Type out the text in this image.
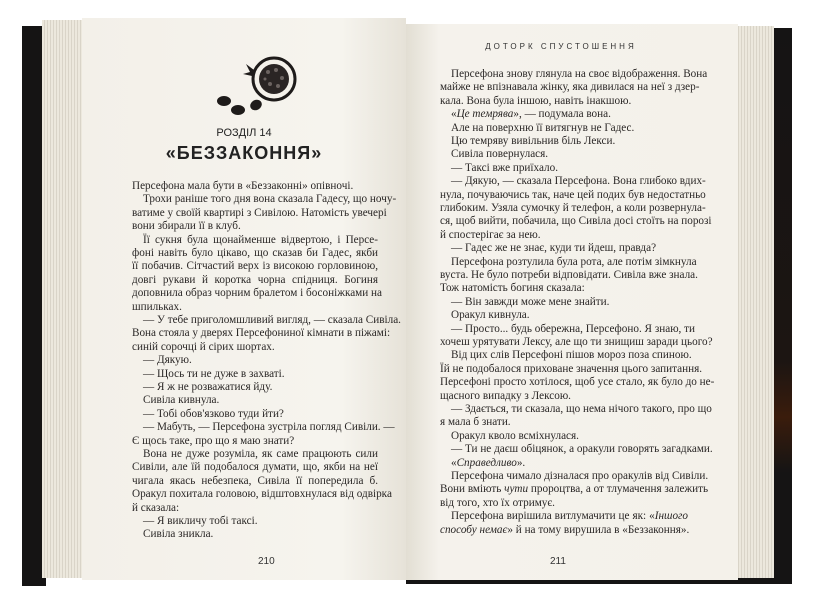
РОЗДІЛ 14
«БЕЗЗАКОННЯ»
Персефона мала бути в «Беззаконні» опівночі.
Трохи раніше того дня вона сказала Гадесу, що ночу-
ватиме у своїй квартирі з Сивілою. Натомість увечері
вони збирали її в клуб.
Її сукня була щонайменше відвертою, і Персе-
фоні навіть було цікаво, що сказав би Гадес, якби
її побачив. Сітчастий верх із високою горловиною,
довгі рукави й коротка чорна спідниця. Богиня
доповнила образ чорним бралетом і босоніжками на
шпильках.
— У тебе приголомшливий вигляд, — сказала Сивіла.
Вона стояла у дверях Персефониної кімнати в піжамі:
синій сорочці й сірих шортах.
— Дякую.
— Щось ти не дуже в захваті.
— Я ж не розважатися йду.
Сивіла кивнула.
— Тобі обов'язково туди йти?
— Мабуть, — Персефона зустріла погляд Сивіли. —
Є щось таке, про що я маю знати?
Вона не дуже розуміла, як саме працюють сили
Сивіли, але їй подобалося думати, що, якби на неї
чигала якась небезпека, Сивіла її попередила б.
Оракул похитала головою, відштовхнулася від одвірка
й сказала:
— Я викличу тобі таксі.
Сивіла зникла.
Персефона знову глянула на своє відображення. Вона
майже не впізнавала жінку, яка дивилася на неї з дзер-
кала. Вона була іншою, навіть інакшою.
«Це темрява», — подумала вона.
Але на поверхню її витягнув не Гадес.
Цю темряву вивільнив біль Лекси.
Сивіла повернулася.
— Таксі вже приїхало.
— Дякую, — сказала Персефона. Вона глибоко вдих-
нула, почуваючись так, наче цей подих був недостатньо
глибоким. Узяла сумочку й телефон, а коли розвернула-
ся, щоб вийти, побачила, що Сивіла досі стоїть на порозі
й спостерігає за нею.
— Гадес же не знає, куди ти йдеш, правда?
Персефона розтулила була рота, але потім зімкнула
вуста. Не було потреби відповідати. Сивіла вже знала.
Тож натомість богиня сказала:
— Він завжди може мене знайти.
Оракул кивнула.
— Просто... будь обережна, Персефоно. Я знаю, ти
хочеш урятувати Лексу, але що ти знищиш заради цього?
Від цих слів Персефоні пішов мороз поза спиною.
Їй не подобалося приховане значення цього запитання.
Персефоні просто хотілося, щоб усе стало, як було до не-
щасного випадку з Лексою.
— Здається, ти сказала, що нема нічого такого, про що
я мала б знати.
Оракул кволо всміхнулася.
— Ти не даєш обіцянок, а оракули говорять загадками.
«Справедливо».
Персефона чимало дізналася про оракулів від Сивіли.
Вони вміють чути пророцтва, а от тлумачення залежить
від того, хто їх отримує.
Персефона вирішила витлумачити це як: «Іншого
способу немає» й на тому вирушила в «Беззаконня».
ДОТОРК СПУСТОШЕННЯ
210	211
